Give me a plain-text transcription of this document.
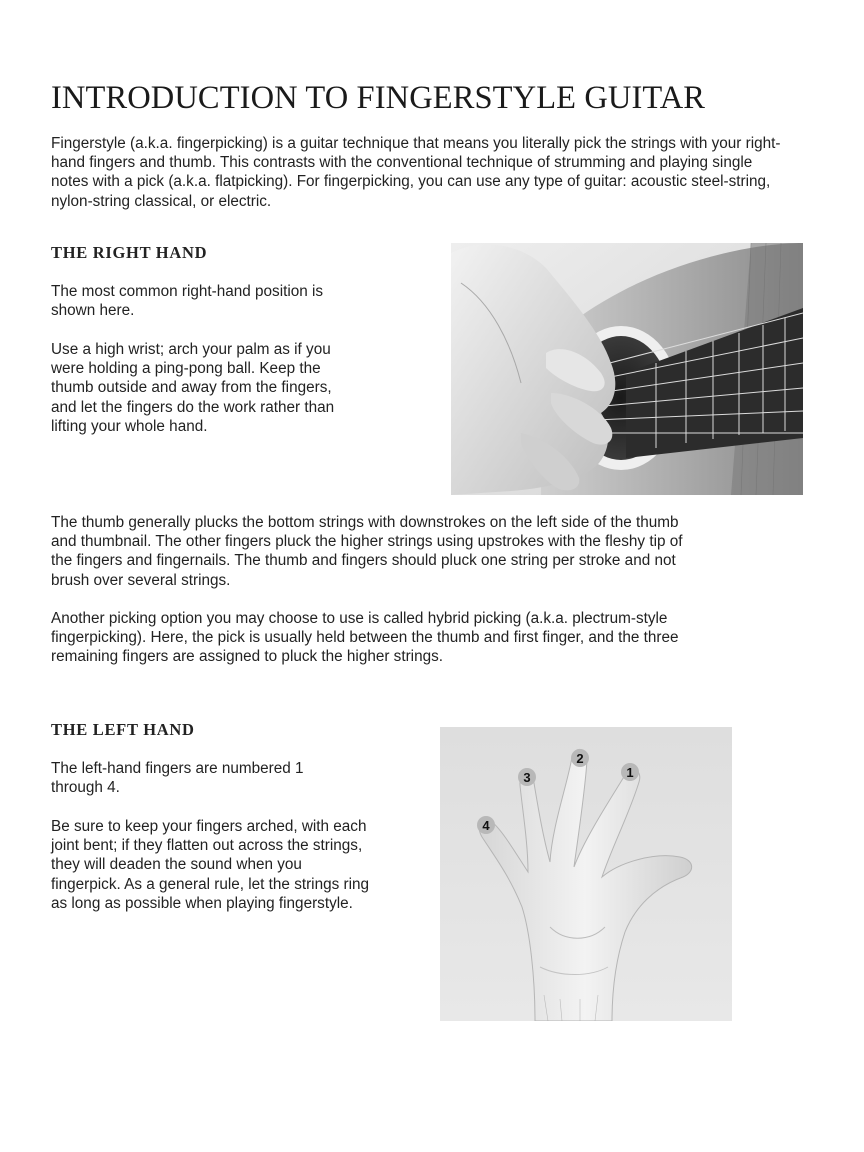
INTRODUCTION TO FINGERSTYLE GUITAR

Fingerstyle (a.k.a. fingerpicking) is a guitar technique that means you literally pick the strings with your right-hand fingers and thumb. This contrasts with the conventional technique of strumming and playing single notes with a pick (a.k.a. flatpicking). For fingerpicking, you can use any type of guitar: acoustic steel-string, nylon-string classical, or electric.

THE RIGHT HAND

The most common right-hand position is shown here.

Use a high wrist; arch your palm as if you were holding a ping-pong ball. Keep the thumb outside and away from the fingers, and let the fingers do the work rather than lifting your whole hand.

The thumb generally plucks the bottom strings with downstrokes on the left side of the thumb and thumbnail. The other fingers pluck the higher strings using upstrokes with the fleshy tip of the fingers and fingernails. The thumb and fingers should pluck one string per stroke and not brush over several strings.

Another picking option you may choose to use is called hybrid picking (a.k.a. plectrum-style fingerpicking). Here, the pick is usually held between the thumb and first finger, and the three remaining fingers are assigned to pluck the higher strings.

THE LEFT HAND

The left-hand fingers are numbered 1 through 4.

Be sure to keep your fingers arched, with each joint bent; if they flatten out across the strings, they will deaden the sound when you fingerpick. As a general rule, let the strings ring as long as possible when playing fingerstyle.

1
2
3
4
